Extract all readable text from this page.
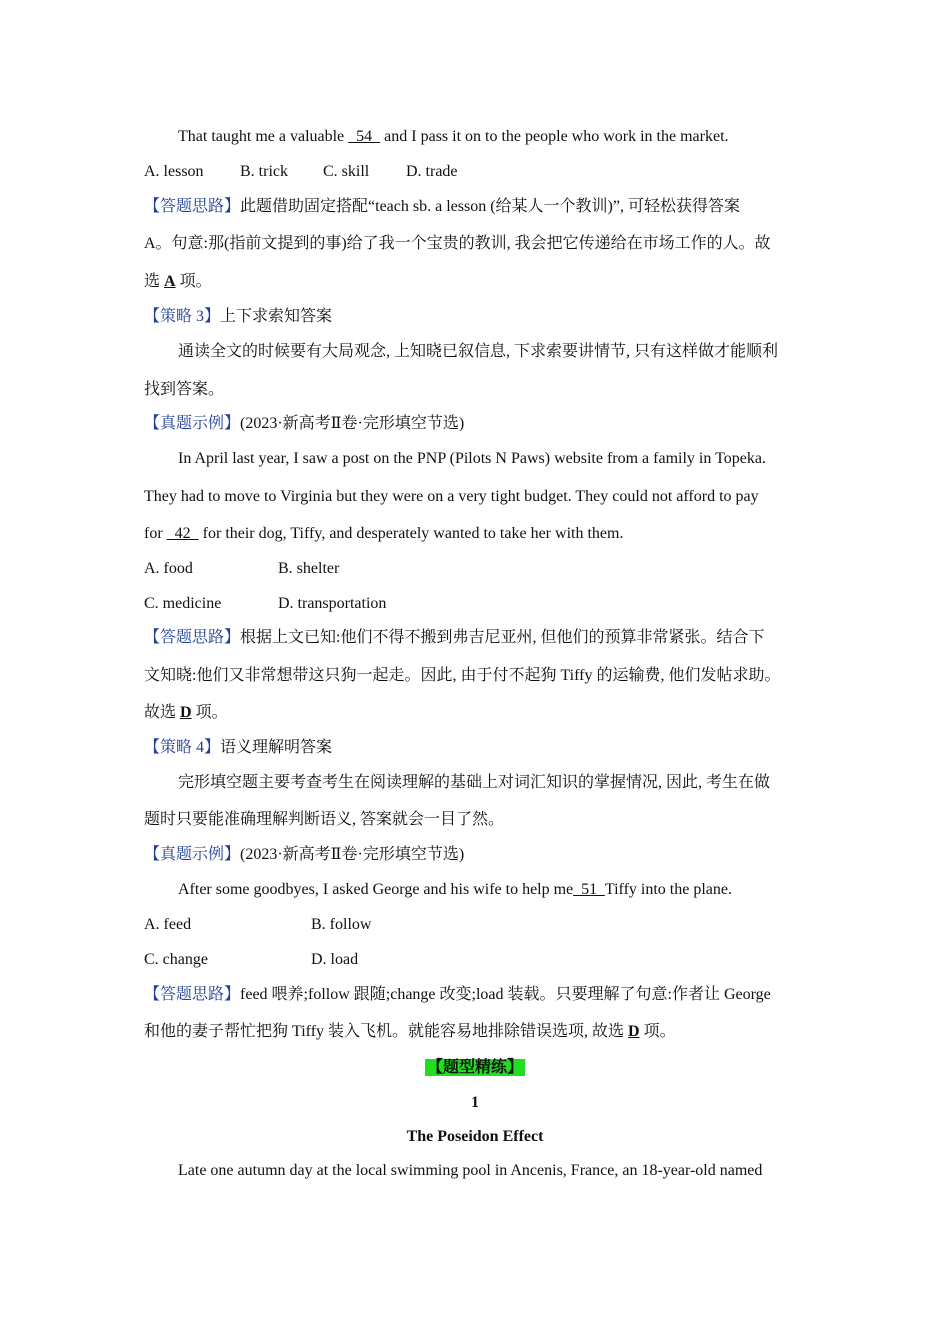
That taught me a valuable   54   and I pass it on to the people who work in the market.
A. lesson B. trick C. skill D. trade
【答题思路】此题借助固定搭配“teach sb. a lesson (给某人一个教训)”, 可轻松获得答案
A。句意:那(指前文提到的事)给了我一个宝贵的教训, 我会把它传递给在市场工作的人。故
选 A 项。
【策略 3】上下求索知答案
通读全文的时候要有大局观念, 上知晓已叙信息, 下求索要讲情节, 只有这样做才能顺利
找到答案。
【真题示例】(2023·新高考Ⅱ卷·完形填空节选)
In April last year, I saw a post on the PNP (Pilots N Paws) website from a family in Topeka.
They had to move to Virginia but they were on a very tight budget. They could not afford to pay
for   42   for their dog, Tiffy, and desperately wanted to take her with them.
A. food	B. shelter
C. medicine	D. transportation
【答题思路】根据上文已知:他们不得不搬到弗吉尼亚州, 但他们的预算非常紧张。结合下
文知晓:他们又非常想带这只狗一起走。因此, 由于付不起狗 Tiffy 的运输费, 他们发帖求助。
故选 D 项。
【策略 4】语义理解明答案
完形填空题主要考查考生在阅读理解的基础上对词汇知识的掌握情况, 因此, 考生在做
题时只要能准确理解判断语义, 答案就会一目了然。
【真题示例】(2023·新高考Ⅱ卷·完形填空节选)
After some goodbyes, I asked George and his wife to help me  51  Tiffy into the plane.
A. feed	B. follow
C. change	D. load
【答题思路】feed 喂养;follow 跟随;change 改变;load 装载。只要理解了句意:作者让 George
和他的妻子帮忙把狗 Tiffy 装入飞机。就能容易地排除错误选项, 故选 D 项。
【题型精练】
1
The Poseidon Effect
Late one autumn day at the local swimming pool in Ancenis, France, an 18-year-old named
